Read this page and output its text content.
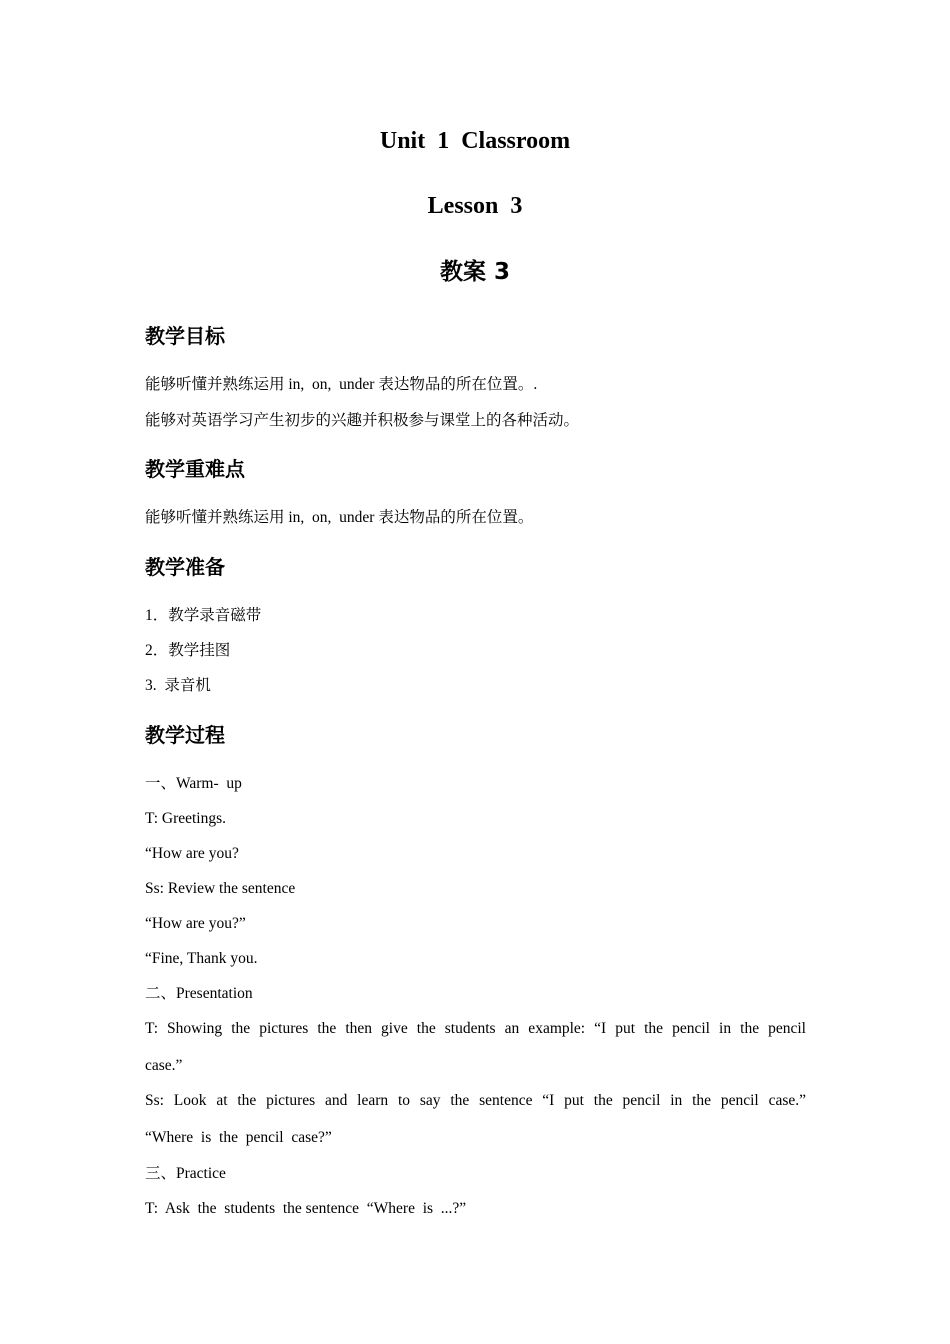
Unit  1  Classroom
Lesson  3
教案 3
教学目标
能够听懂并熟练运用 in,  on,  under 表达物品的所在位置。.
能够对英语学习产生初步的兴趣并积极参与课堂上的各种活动。
教学重难点
能够听懂并熟练运用 in,  on,  under 表达物品的所在位置。
教学准备
1．教学录音磁带
2．教学挂图
3.  录音机
教学过程
一、Warm-  up
T: Greetings.
“How are you?
Ss: Review the sentence
“How are you?”
“Fine, Thank you.
二、Presentation
T: Showing the pictures the then give the students an example: “I put the pencil in the pencil
case.”
Ss: Look at the pictures and learn to say the sentence “I put the pencil in the pencil case.”
“Where  is  the  pencil  case?”
三、Practice
T:  Ask  the  students  the sentence  “Where  is  ...?”
